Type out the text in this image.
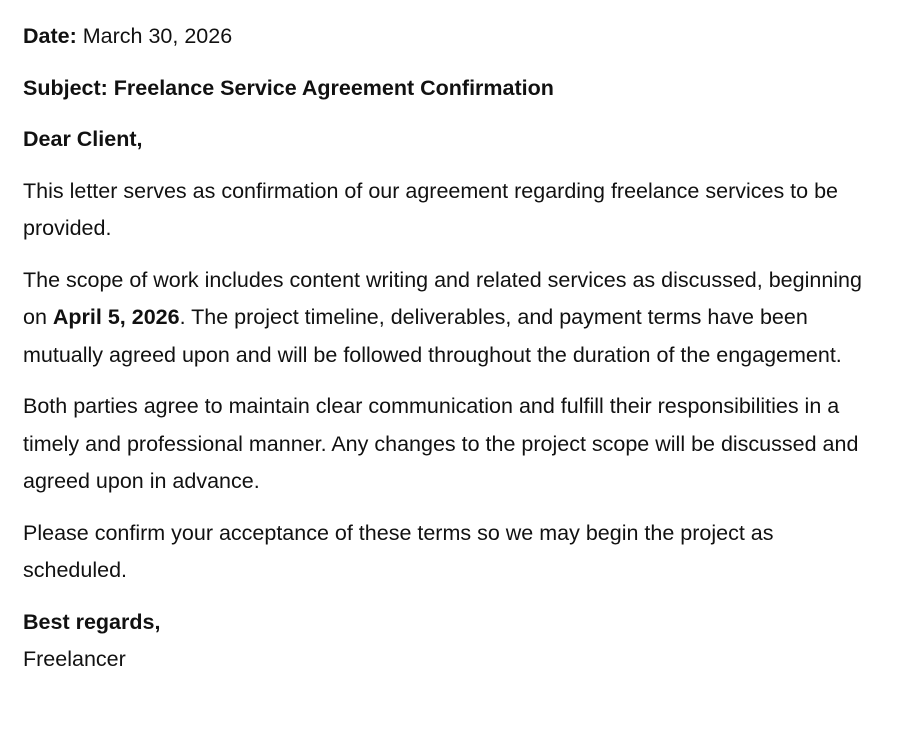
Date: March 30, 2026

Subject: Freelance Service Agreement Confirmation

Dear Client,

This letter serves as confirmation of our agreement regarding freelance services to be provided.

The scope of work includes content writing and related services as discussed, beginning on April 5, 2026. The project timeline, deliverables, and payment terms have been mutually agreed upon and will be followed throughout the duration of the engagement.

Both parties agree to maintain clear communication and fulfill their responsibilities in a timely and professional manner. Any changes to the project scope will be discussed and agreed upon in advance.

Please confirm your acceptance of these terms so we may begin the project as scheduled.

Best regards,

Freelancer
